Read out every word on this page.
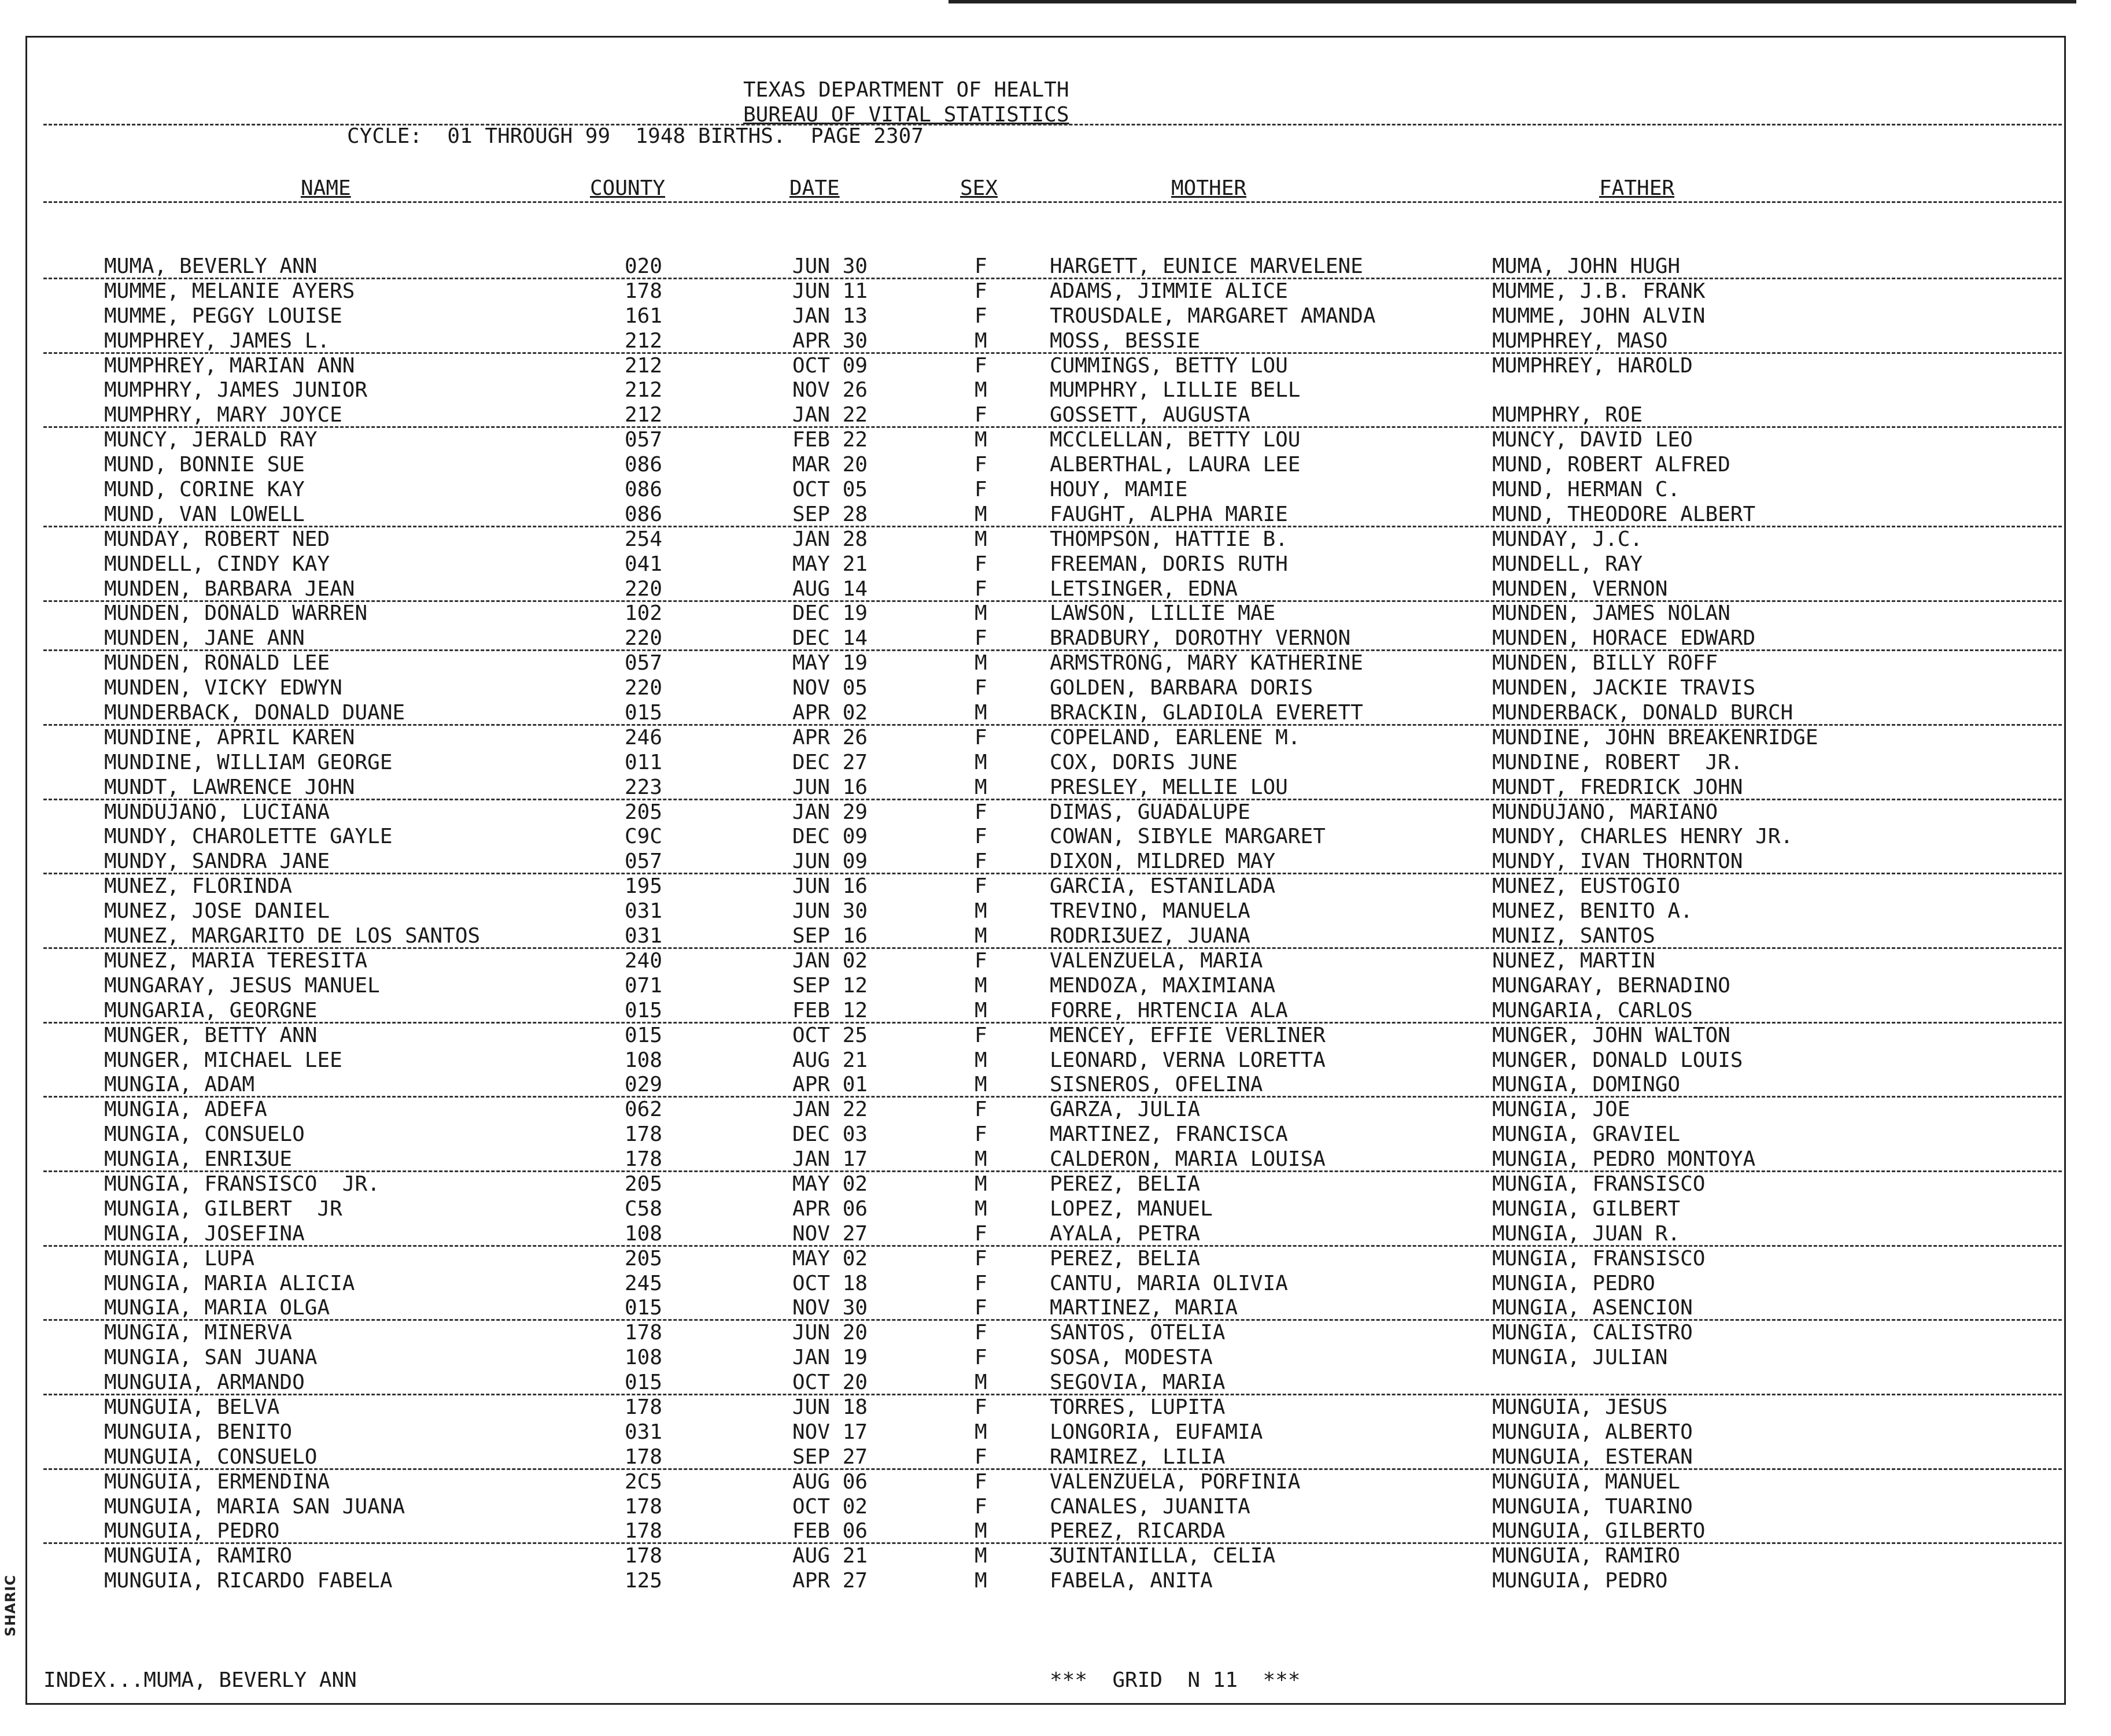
SHARIC
TEXAS DEPARTMENT OF HEALTH
BUREAU OF VITAL STATISTICS
CYCLE:  01 THROUGH 99  1948 BIRTHS.  PAGE 2307
NAME	COUNTY	DATE	SEX	MOTHER	FATHER
MUMA, BEVERLY ANN	020	JUN 30	F	HARGETT, EUNICE MARVELENE	MUMA, JOHN HUGH
MUMME, MELANIE AYERS	178	JUN 11	F	ADAMS, JIMMIE ALICE	MUMME, J.B. FRANK
MUMME, PEGGY LOUISE	161	JAN 13	F	TROUSDALE, MARGARET AMANDA	MUMME, JOHN ALVIN
MUMPHREY, JAMES L.	212	APR 30	M	MOSS, BESSIE	MUMPHREY, MASO
MUMPHREY, MARIAN ANN	212	OCT 09	F	CUMMINGS, BETTY LOU	MUMPHREY, HAROLD
MUMPHRY, JAMES JUNIOR	212	NOV 26	M	MUMPHRY, LILLIE BELL
MUMPHRY, MARY JOYCE	212	JAN 22	F	GOSSETT, AUGUSTA	MUMPHRY, ROE
MUNCY, JERALD RAY	057	FEB 22	M	MCCLELLAN, BETTY LOU	MUNCY, DAVID LEO
MUND, BONNIE SUE	086	MAR 20	F	ALBERTHAL, LAURA LEE	MUND, ROBERT ALFRED
MUND, CORINE KAY	086	OCT 05	F	HOUY, MAMIE	MUND, HERMAN C.
MUND, VAN LOWELL	086	SEP 28	M	FAUGHT, ALPHA MARIE	MUND, THEODORE ALBERT
MUNDAY, ROBERT NED	254	JAN 28	M	THOMPSON, HATTIE B.	MUNDAY, J.C.
MUNDELL, CINDY KAY	041	MAY 21	F	FREEMAN, DORIS RUTH	MUNDELL, RAY
MUNDEN, BARBARA JEAN	220	AUG 14	F	LETSINGER, EDNA	MUNDEN, VERNON
MUNDEN, DONALD WARREN	102	DEC 19	M	LAWSON, LILLIE MAE	MUNDEN, JAMES NOLAN
MUNDEN, JANE ANN	220	DEC 14	F	BRADBURY, DOROTHY VERNON	MUNDEN, HORACE EDWARD
MUNDEN, RONALD LEE	057	MAY 19	M	ARMSTRONG, MARY KATHERINE	MUNDEN, BILLY ROFF
MUNDEN, VICKY EDWYN	220	NOV 05	F	GOLDEN, BARBARA DORIS	MUNDEN, JACKIE TRAVIS
MUNDERBACK, DONALD DUANE	015	APR 02	M	BRACKIN, GLADIOLA EVERETT	MUNDERBACK, DONALD BURCH
MUNDINE, APRIL KAREN	246	APR 26	F	COPELAND, EARLENE M.	MUNDINE, JOHN BREAKENRIDGE
MUNDINE, WILLIAM GEORGE	011	DEC 27	M	COX, DORIS JUNE	MUNDINE, ROBERT  JR.
MUNDT, LAWRENCE JOHN	223	JUN 16	M	PRESLEY, MELLIE LOU	MUNDT, FREDRICK JOHN
MUNDUJANO, LUCIANA	205	JAN 29	F	DIMAS, GUADALUPE	MUNDUJANO, MARIANO
MUNDY, CHAROLETTE GAYLE	C9C	DEC 09	F	COWAN, SIBYLE MARGARET	MUNDY, CHARLES HENRY JR.
MUNDY, SANDRA JANE	057	JUN 09	F	DIXON, MILDRED MAY	MUNDY, IVAN THORNTON
MUNEZ, FLORINDA	195	JUN 16	F	GARCIA, ESTANILADA	MUNEZ, EUSTOGIO
MUNEZ, JOSE DANIEL	031	JUN 30	M	TREVINO, MANUELA	MUNEZ, BENITO A.
MUNEZ, MARGARITO DE LOS SANTOS	031	SEP 16	M	RODRIƷUEZ, JUANA	MUNIZ, SANTOS
MUNEZ, MARIA TERESITA	240	JAN 02	F	VALENZUELA, MARIA	NUNEZ, MARTIN
MUNGARAY, JESUS MANUEL	071	SEP 12	M	MENDOZA, MAXIMIANA	MUNGARAY, BERNADINO
MUNGARIA, GEORGNE	015	FEB 12	M	FORRE, HRTENCIA ALA	MUNGARIA, CARLOS
MUNGER, BETTY ANN	015	OCT 25	F	MENCEY, EFFIE VERLINER	MUNGER, JOHN WALTON
MUNGER, MICHAEL LEE	108	AUG 21	M	LEONARD, VERNA LORETTA	MUNGER, DONALD LOUIS
MUNGIA, ADAM	029	APR 01	M	SISNEROS, OFELINA	MUNGIA, DOMINGO
MUNGIA, ADEFA	062	JAN 22	F	GARZA, JULIA	MUNGIA, JOE
MUNGIA, CONSUELO	178	DEC 03	F	MARTINEZ, FRANCISCA	MUNGIA, GRAVIEL
MUNGIA, ENRIƷUE	178	JAN 17	M	CALDERON, MARIA LOUISA	MUNGIA, PEDRO MONTOYA
MUNGIA, FRANSISCO  JR.	205	MAY 02	M	PEREZ, BELIA	MUNGIA, FRANSISCO
MUNGIA, GILBERT  JR	C58	APR 06	M	LOPEZ, MANUEL	MUNGIA, GILBERT
MUNGIA, JOSEFINA	108	NOV 27	F	AYALA, PETRA	MUNGIA, JUAN R.
MUNGIA, LUPA	205	MAY 02	F	PEREZ, BELIA	MUNGIA, FRANSISCO
MUNGIA, MARIA ALICIA	245	OCT 18	F	CANTU, MARIA OLIVIA	MUNGIA, PEDRO
MUNGIA, MARIA OLGA	015	NOV 30	F	MARTINEZ, MARIA	MUNGIA, ASENCION
MUNGIA, MINERVA	178	JUN 20	F	SANTOS, OTELIA	MUNGIA, CALISTRO
MUNGIA, SAN JUANA	108	JAN 19	F	SOSA, MODESTA	MUNGIA, JULIAN
MUNGUIA, ARMANDO	015	OCT 20	M	SEGOVIA, MARIA
MUNGUIA, BELVA	178	JUN 18	F	TORRES, LUPITA	MUNGUIA, JESUS
MUNGUIA, BENITO	031	NOV 17	M	LONGORIA, EUFAMIA	MUNGUIA, ALBERTO
MUNGUIA, CONSUELO	178	SEP 27	F	RAMIREZ, LILIA	MUNGUIA, ESTERAN
MUNGUIA, ERMENDINA	2C5	AUG 06	F	VALENZUELA, PORFINIA	MUNGUIA, MANUEL
MUNGUIA, MARIA SAN JUANA	178	OCT 02	F	CANALES, JUANITA	MUNGUIA, TUARINO
MUNGUIA, PEDRO	178	FEB 06	M	PEREZ, RICARDA	MUNGUIA, GILBERTO
MUNGUIA, RAMIRO	178	AUG 21	M	ƷUINTANILLA, CELIA	MUNGUIA, RAMIRO
MUNGUIA, RICARDO FABELA	125	APR 27	M	FABELA, ANITA	MUNGUIA, PEDRO
INDEX...MUMA, BEVERLY ANN	***  GRID  N 11  ***
